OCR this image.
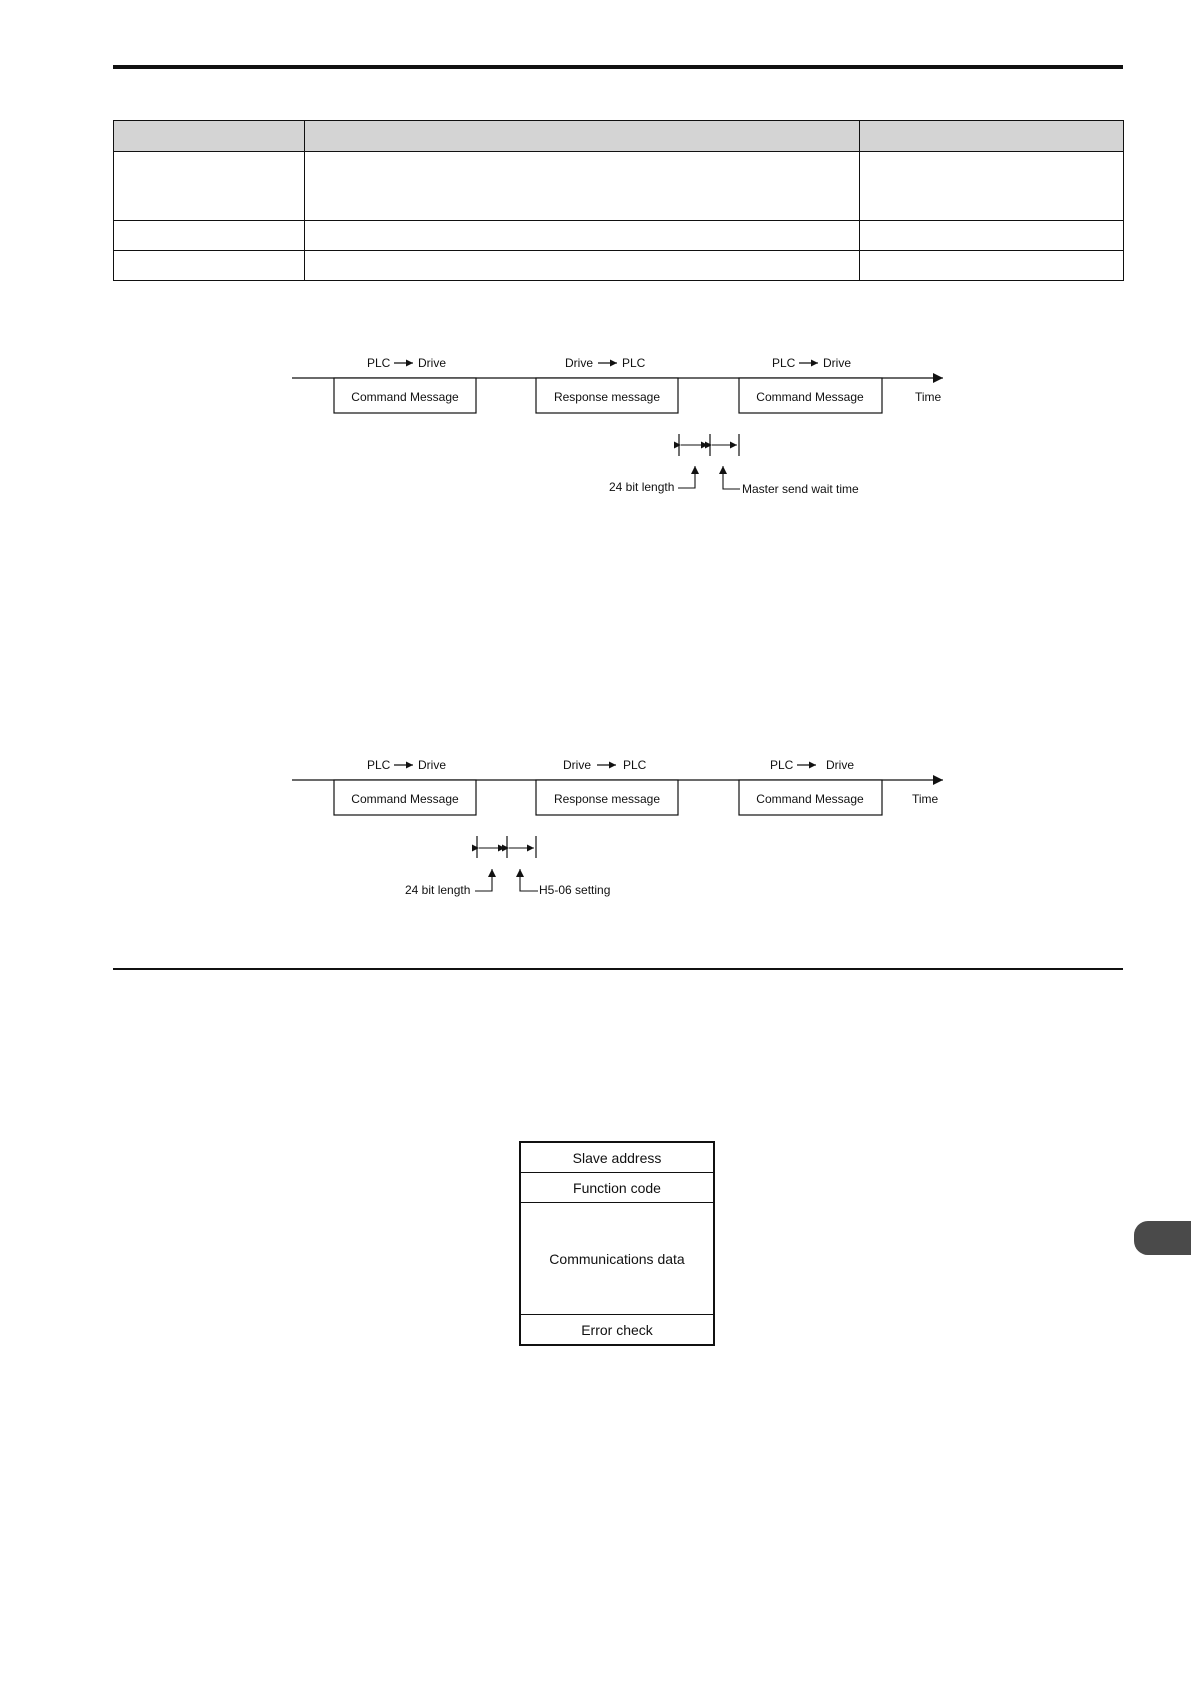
PLC Drive	Drive PLC	PLC Drive
Time
Command Message	Response message	Command Message
24 bit length	Master send wait time
PLC Drive	Drive	PLC	PLC	Drive
Time
Command Message	Response message	Command Message
24 bit length	H5-06 setting
Slave address
Function code
Communications data
Error check
